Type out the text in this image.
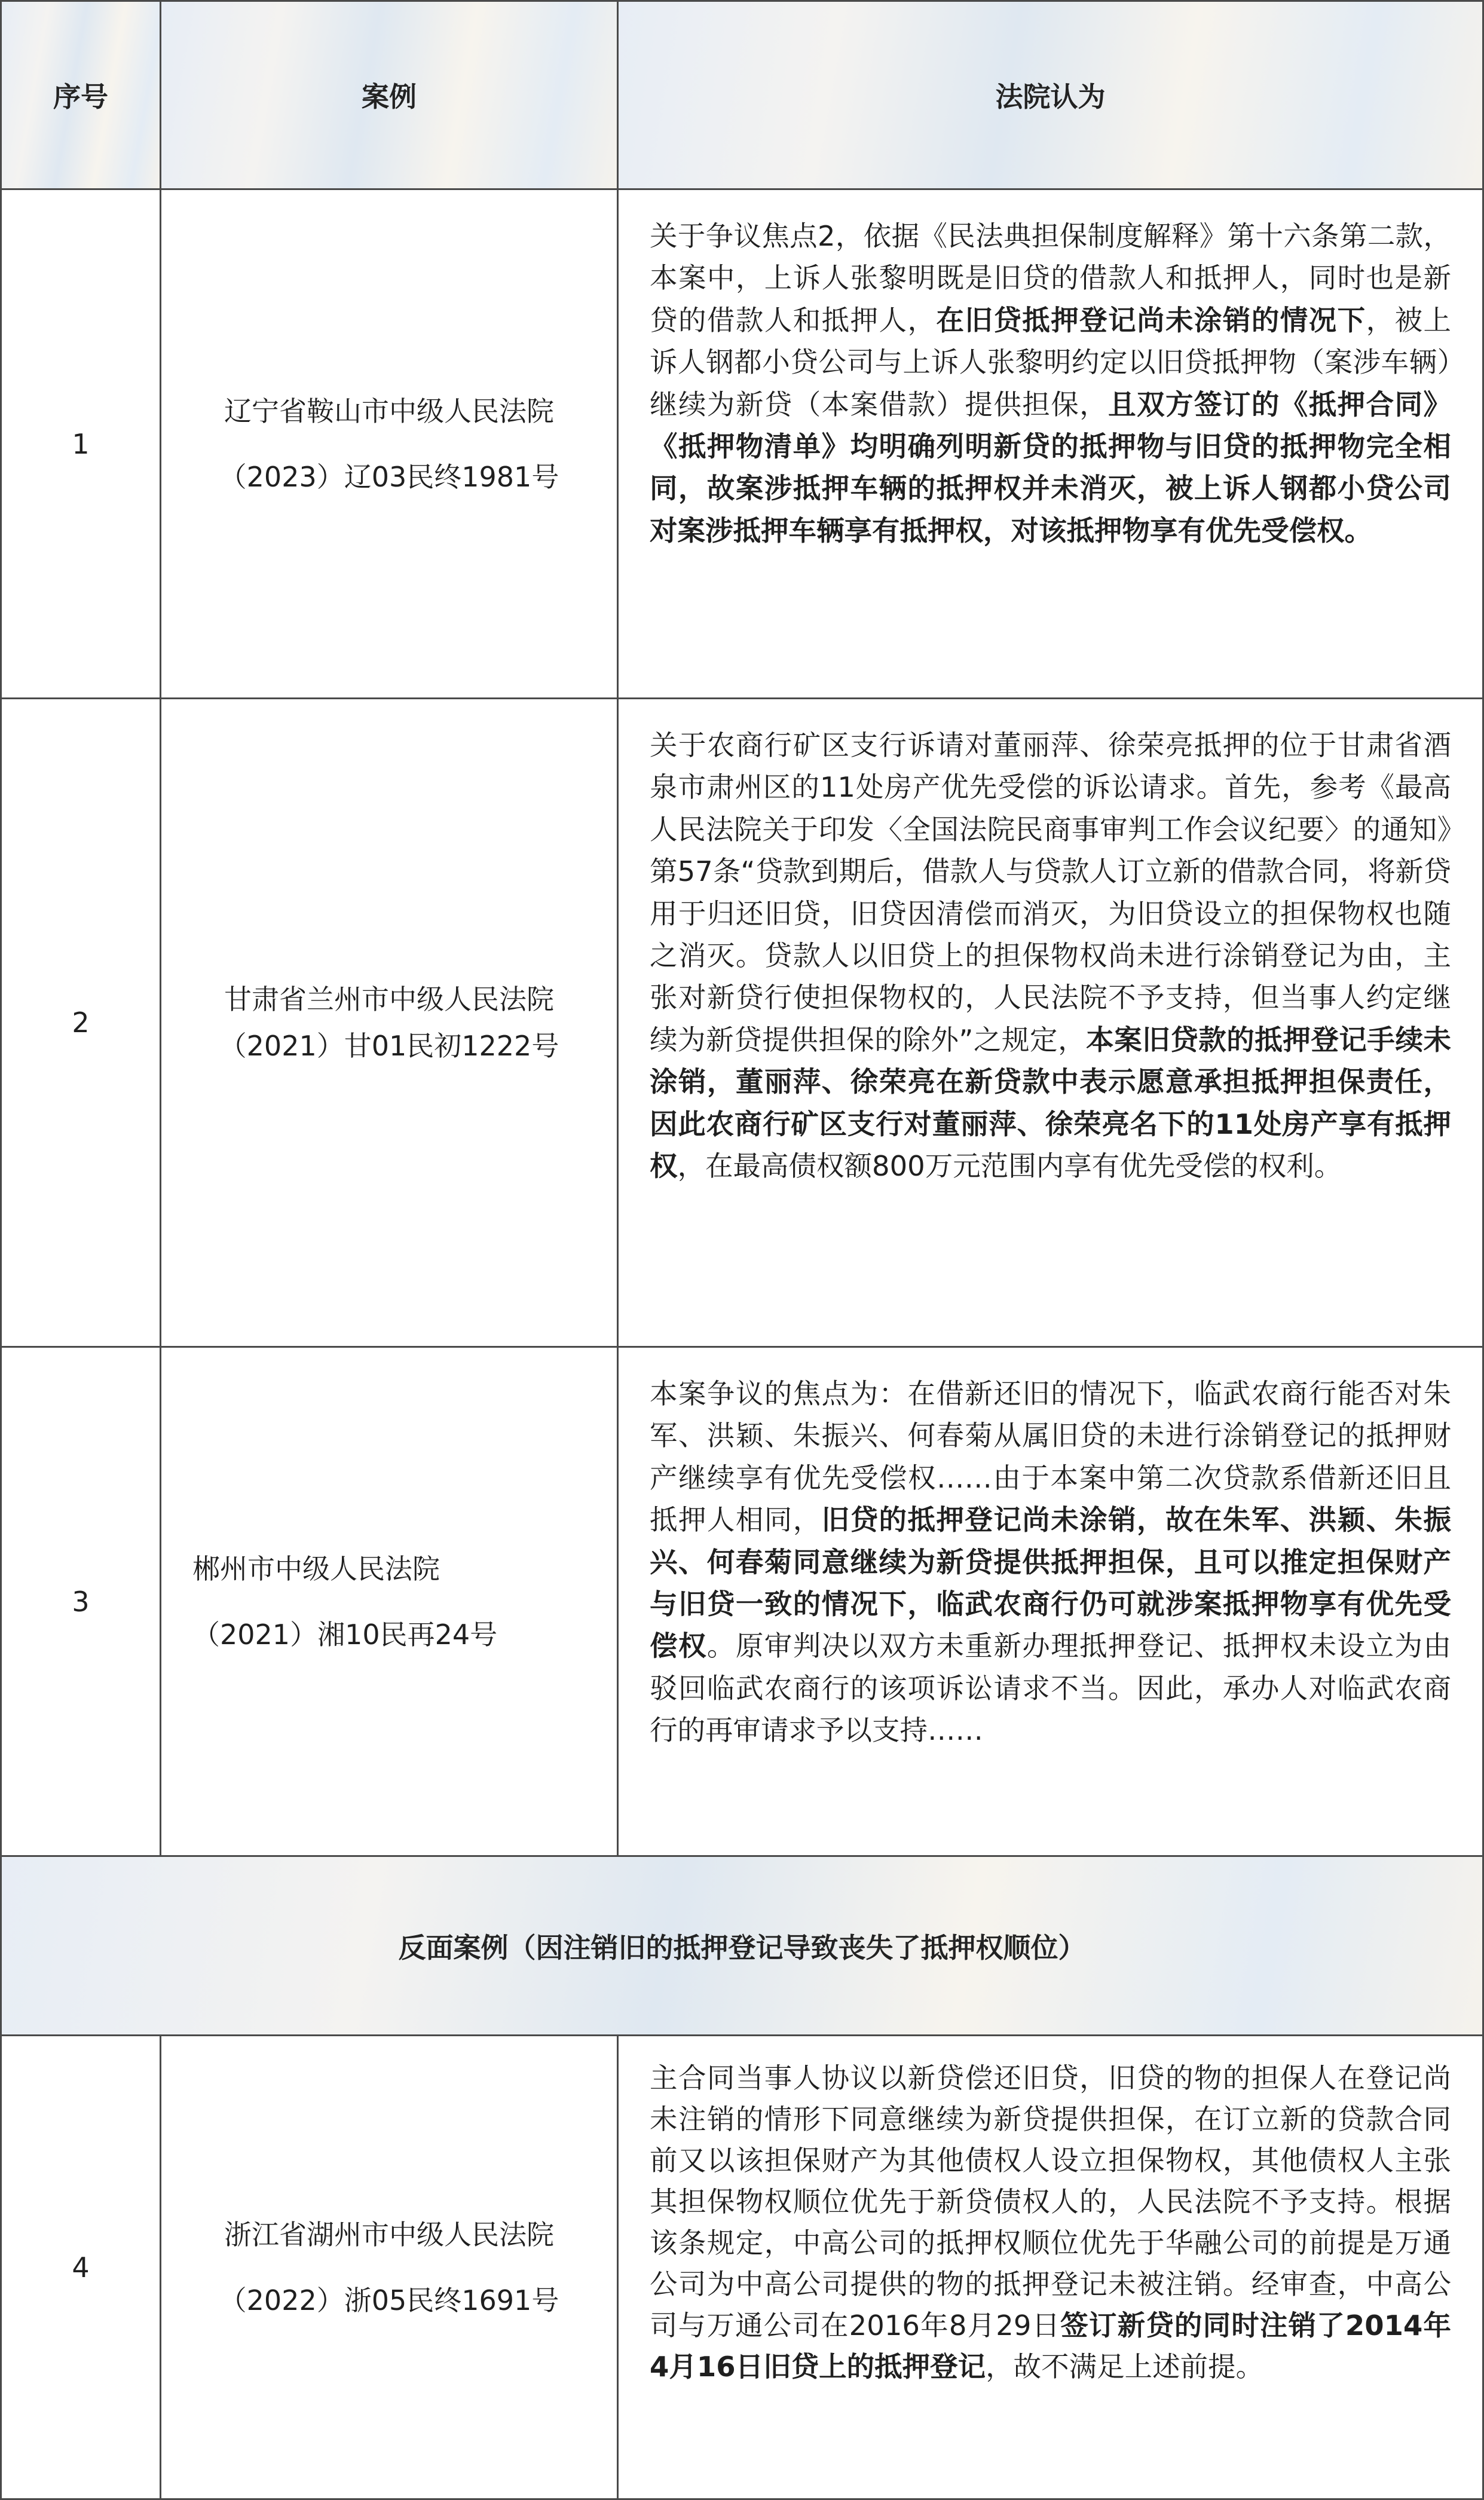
序号	案例	法院认为
1
辽宁省鞍山市中级人民法院
（2023）辽03民终1981号
关于争议焦点2，依据《民法典担保制度解释》第十六条第二款，本案中，上诉人张黎明既是旧贷的借款人和抵押人，同时也是新贷的借款人和抵押人，在旧贷抵押登记尚未涂销的情况下，被上诉人钢都小贷公司与上诉人张黎明约定以旧贷抵押物（案涉车辆）继续为新贷（本案借款）提供担保，且双方签订的《抵押合同》《抵押物清单》均明确列明新贷的抵押物与旧贷的抵押物完全相同，故案涉抵押车辆的抵押权并未消灭，被上诉人钢都小贷公司对案涉抵押车辆享有抵押权，对该抵押物享有优先受偿权。
2
甘肃省兰州市中级人民法院
（2021）甘01民初1222号
关于农商行矿区支行诉请对董丽萍、徐荣亮抵押的位于甘肃省酒泉市肃州区的11处房产优先受偿的诉讼请求。首先，参考《最高人民法院关于印发〈全国法院民商事审判工作会议纪要〉的通知》第57条“贷款到期后，借款人与贷款人订立新的借款合同，将新贷用于归还旧贷，旧贷因清偿而消灭，为旧贷设立的担保物权也随之消灭。贷款人以旧贷上的担保物权尚未进行涂销登记为由，主张对新贷行使担保物权的，人民法院不予支持，但当事人约定继续为新贷提供担保的除外”之规定，本案旧贷款的抵押登记手续未涂销，董丽萍、徐荣亮在新贷款中表示愿意承担抵押担保责任，因此农商行矿区支行对董丽萍、徐荣亮名下的11处房产享有抵押权，在最高债权额800万元范围内享有优先受偿的权利。
3
郴州市中级人民法院
（2021）湘10民再24号
本案争议的焦点为：在借新还旧的情况下，临武农商行能否对朱军、洪颖、朱振兴、何春菊从属旧贷的未进行涂销登记的抵押财产继续享有优先受偿权……由于本案中第二次贷款系借新还旧且抵押人相同，旧贷的抵押登记尚未涂销，故在朱军、洪颖、朱振兴、何春菊同意继续为新贷提供抵押担保，且可以推定担保财产与旧贷一致的情况下，临武农商行仍可就涉案抵押物享有优先受偿权。原审判决以双方未重新办理抵押登记、抵押权未设立为由驳回临武农商行的该项诉讼请求不当。因此，承办人对临武农商行的再审请求予以支持……
反面案例（因注销旧的抵押登记导致丧失了抵押权顺位）
4
浙江省湖州市中级人民法院
（2022）浙05民终1691号
主合同当事人协议以新贷偿还旧贷，旧贷的物的担保人在登记尚未注销的情形下同意继续为新贷提供担保，在订立新的贷款合同前又以该担保财产为其他债权人设立担保物权，其他债权人主张其担保物权顺位优先于新贷债权人的，人民法院不予支持。根据该条规定，中高公司的抵押权顺位优先于华融公司的前提是万通公司为中高公司提供的物的抵押登记未被注销。经审查，中高公司与万通公司在2016年8月29日签订新贷的同时注销了2014年4月16日旧贷上的抵押登记，故不满足上述前提。
